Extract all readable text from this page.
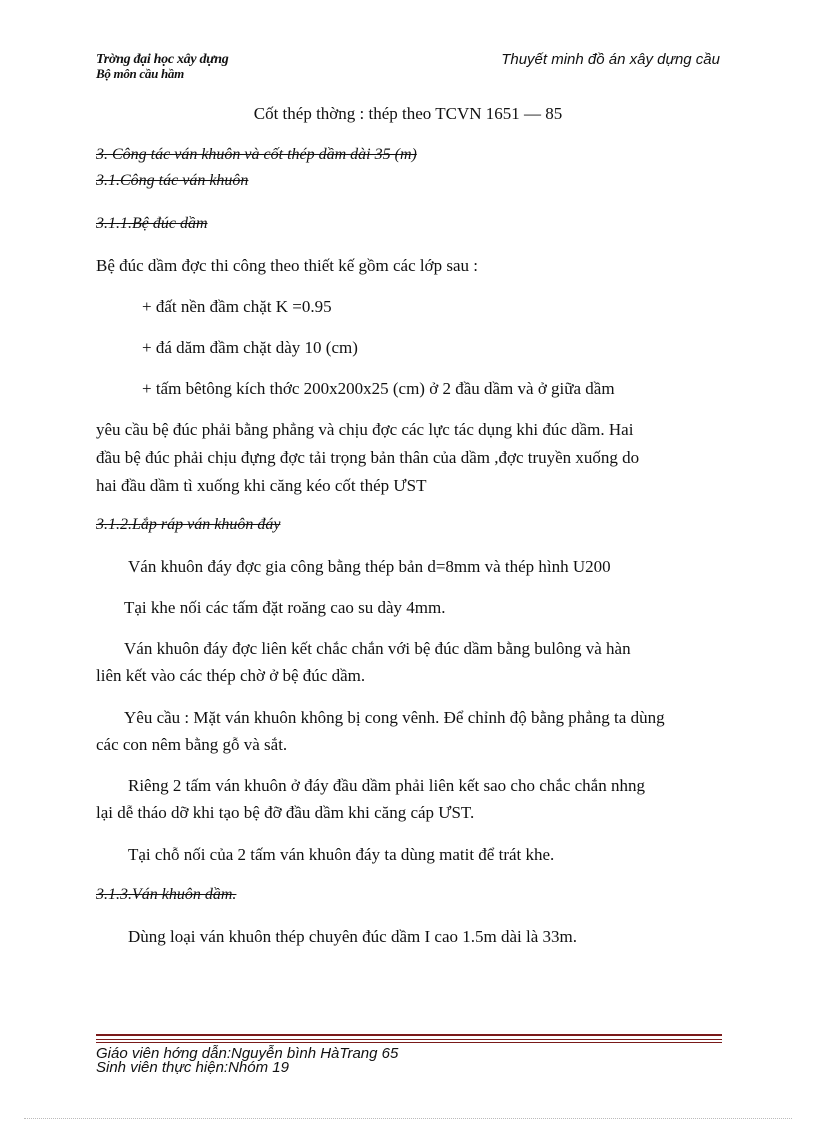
Trờng đại học xây dựng
Bộ môn cầu hầm
Thuyết minh đồ án xây dựng cầu
Cốt thép thờng : thép theo TCVN 1651 — 85
3. Công tác ván khuôn và cốt thép dầm dài 35 (m)
3.1.Công tác ván khuôn
3.1.1.Bệ đúc dầm
Bệ đúc dầm đợc thi công theo thiết kế gồm các lớp sau :
+ đất nền đầm chặt K =0.95
+ đá dăm đầm chặt dày 10 (cm)
+ tấm bêtông kích thớc 200x200x25 (cm) ở 2 đầu dầm và ở giữa dầm
yêu cầu bệ đúc phải bằng phẳng và chịu đợc các lực tác dụng khi đúc dầm. Hai
đầu bệ đúc phải chịu đựng đợc tải trọng bản thân của dầm ,đợc truyền xuống do
hai đầu dầm tì xuống khi căng kéo cốt thép ƯST
3.1.2.Lắp ráp ván khuôn đáy
Ván khuôn đáy đợc gia công bằng thép bản d=8mm và thép hình U200
Tại khe nối các tấm đặt roăng cao su dày 4mm.
Ván khuôn đáy đợc liên kết chắc chắn với bệ đúc dầm bằng bulông và hàn
liên kết vào các thép chờ ở bệ đúc dầm.
Yêu cầu : Mặt ván khuôn không bị cong vênh. Để chỉnh độ bằng phẳng ta dùng
các con nêm bằng gỗ và sắt.
Riêng 2 tấm ván khuôn ở đáy đầu dầm phải liên kết sao cho chắc chắn nhng
lại dễ tháo dỡ khi tạo bệ đỡ đầu dầm khi căng cáp ƯST.
Tại chỗ nối của 2 tấm ván khuôn đáy ta dùng matit để trát khe.
3.1.3.Ván khuôn dầm.
Dùng loại ván khuôn thép chuyên đúc dầm I cao 1.5m dài là 33m.
Giáo viên hớng dẫn:Nguyễn bình HàTrang 65
Sinh viên thực hiện:Nhóm 19
